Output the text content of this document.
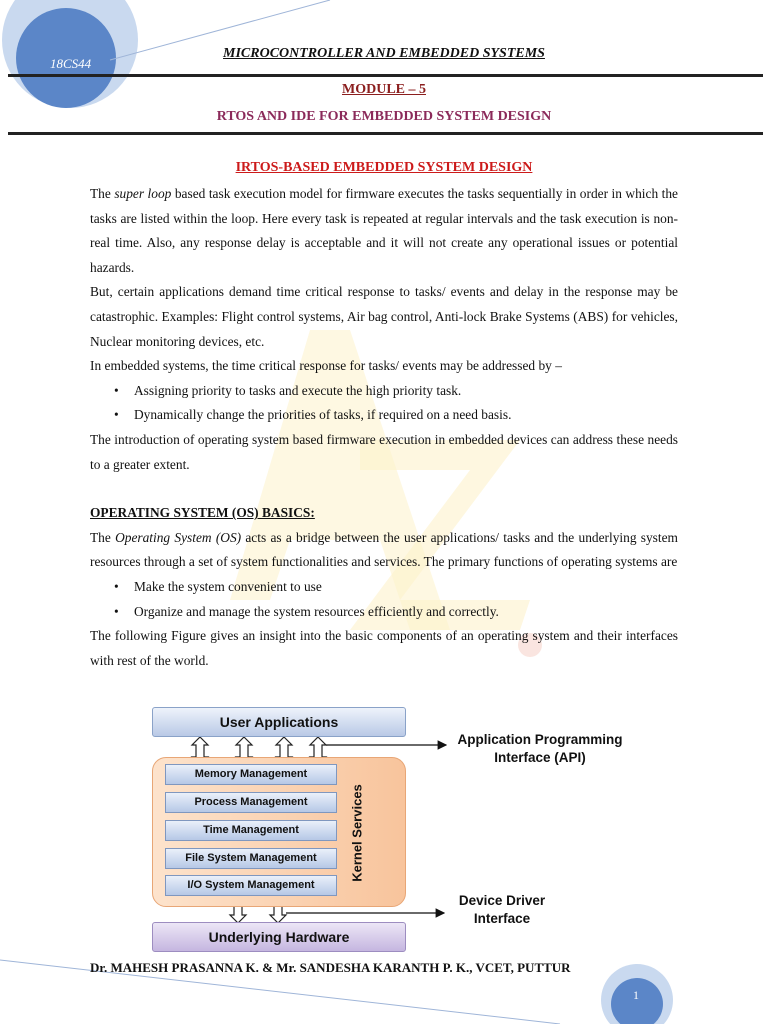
18CS44
MICROCONTROLLER AND EMBEDDED SYSTEMS
MODULE – 5
RTOS AND IDE FOR EMBEDDED SYSTEM DESIGN
IRTOS-BASED EMBEDDED SYSTEM DESIGN

The super loop based task execution model for firmware executes the tasks sequentially in order in which the tasks are listed within the loop. Here every task is repeated at regular intervals and the task execution is non-real time. Also, any response delay is acceptable and it will not create any operational issues or potential hazards.

But, certain applications demand time critical response to tasks/ events and delay in the response may be catastrophic. Examples: Flight control systems, Air bag control, Anti-lock Brake Systems (ABS) for vehicles, Nuclear monitoring devices, etc.

In embedded systems, the time critical response for tasks/ events may be addressed by –

• Assigning priority to tasks and execute the high priority task.
• Dynamically change the priorities of tasks, if required on a need basis.

The introduction of operating system based firmware execution in embedded devices can address these needs to a greater extent.

OPERATING SYSTEM (OS) BASICS:

The Operating System (OS) acts as a bridge between the user applications/ tasks and the underlying system resources through a set of system functionalities and services. The primary functions of operating systems are

• Make the system convenient to use
• Organize and manage the system resources efficiently and correctly.

The following Figure gives an insight into the basic components of an operating system and their interfaces with rest of the world.

User Applications
Memory Management
Process Management
Time Management
File System Management
I/O System Management
Kernel Services
Underlying Hardware
Application Programming Interface (API)
Device Driver Interface
Dr. MAHESH PRASANNA K. & Mr. SANDESHA KARANTH P. K., VCET, PUTTUR
1
